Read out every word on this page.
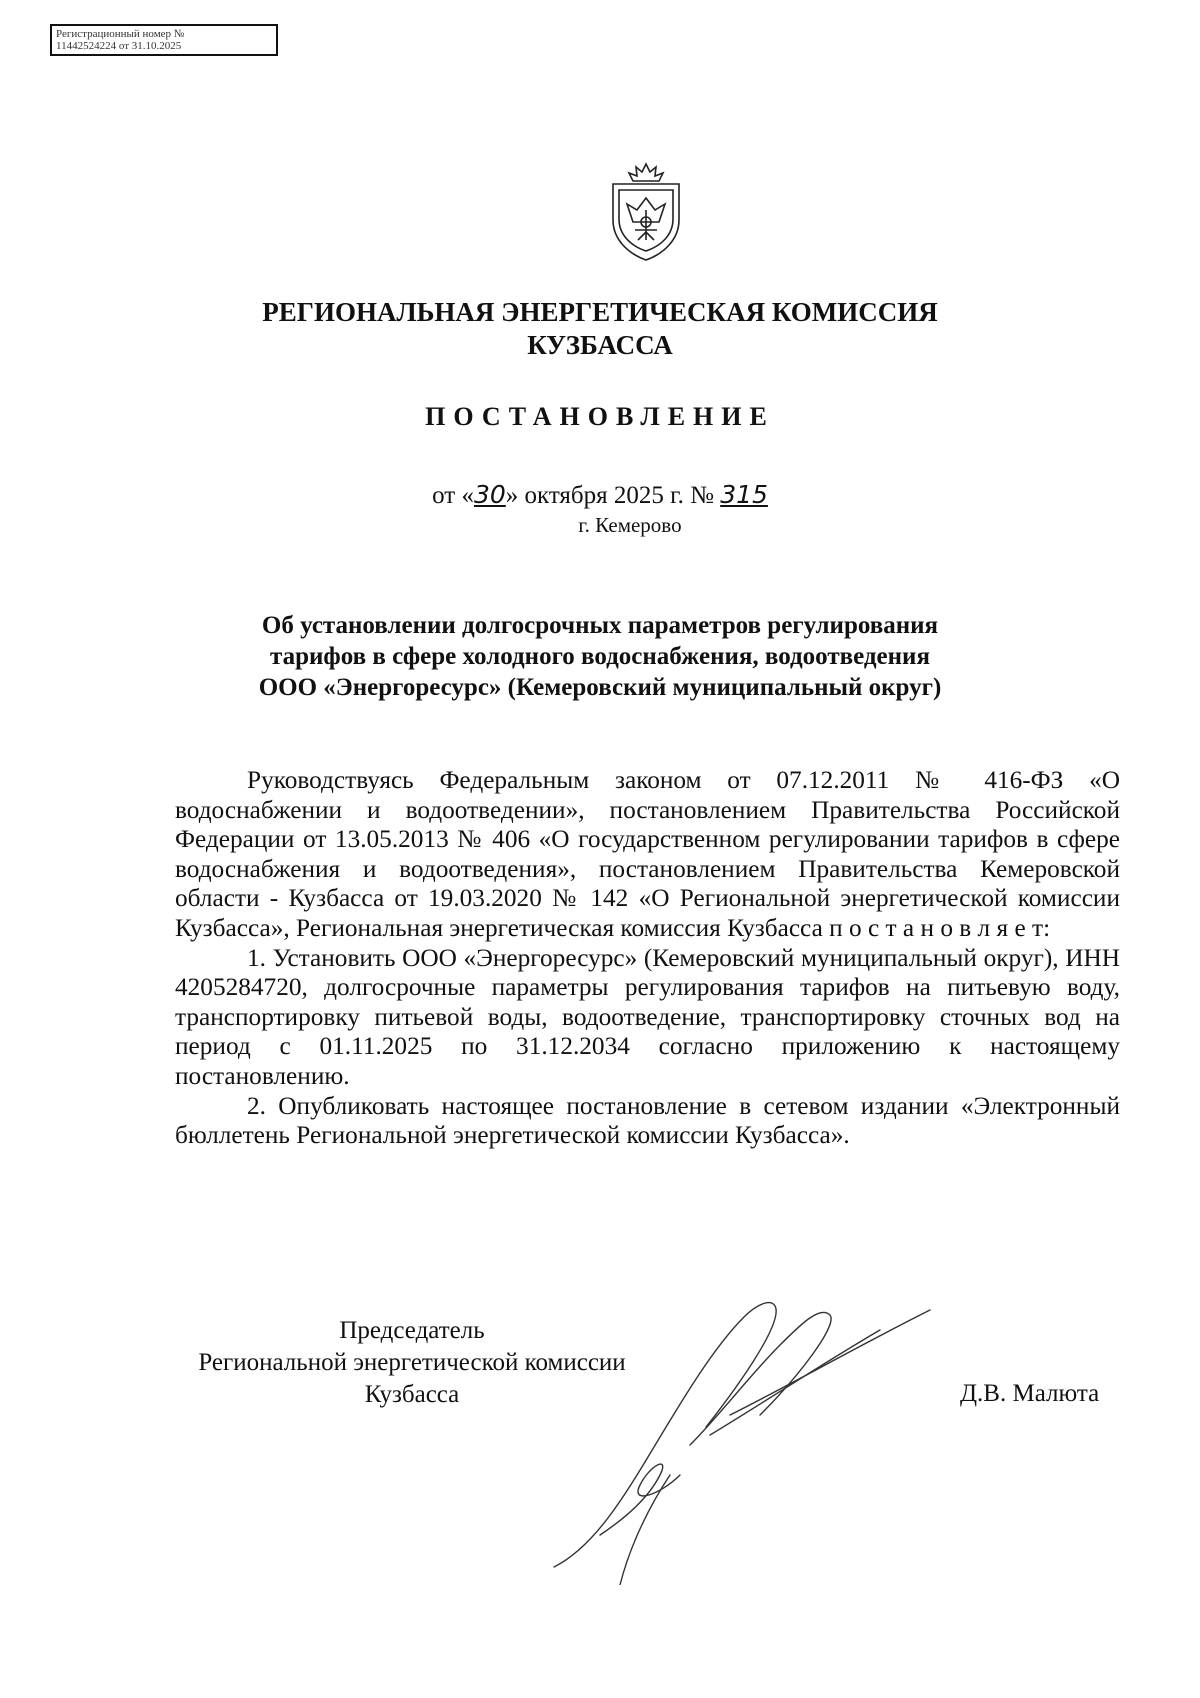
Регистрационный номер №
11442524224 от 31.10.2025
РЕГИОНАЛЬНАЯ ЭНЕРГЕТИЧЕСКАЯ КОМИССИЯ
КУЗБАССА
ПОСТАНОВЛЕНИЕ
от «30» октября 2025 г. № 315
г. Кемерово
Об установлении долгосрочных параметров регулирования
тарифов в сфере холодного водоснабжения, водоотведения
ООО «Энергоресурс» (Кемеровский муниципальный округ)

Руководствуясь Федеральным законом от 07.12.2011 № 416-ФЗ «О водоснабжении и водоотведении», постановлением Правительства Российской Федерации от 13.05.2013 № 406 «О государственном регулировании тарифов в сфере водоснабжения и водоотведения», постановлением Правительства Кемеровской области - Кузбасса от 19.03.2020 № 142 «О Региональной энергетической комиссии Кузбасса», Региональная энергетическая комиссия Кузбасса п о с т а н о в л я е т:

1. Установить ООО «Энергоресурс» (Кемеровский муниципальный округ), ИНН 4205284720, долгосрочные параметры регулирования тарифов на питьевую воду, транспортировку питьевой воды, водоотведение, транспортировку сточных вод на период с 01.11.2025 по 31.12.2034 согласно приложению к настоящему постановлению.

2. Опубликовать настоящее постановление в сетевом издании «Электронный бюллетень Региональной энергетической комиссии Кузбасса».

Председатель
Региональной энергетической комиссии
Кузбасса	Д.В. Малюта
